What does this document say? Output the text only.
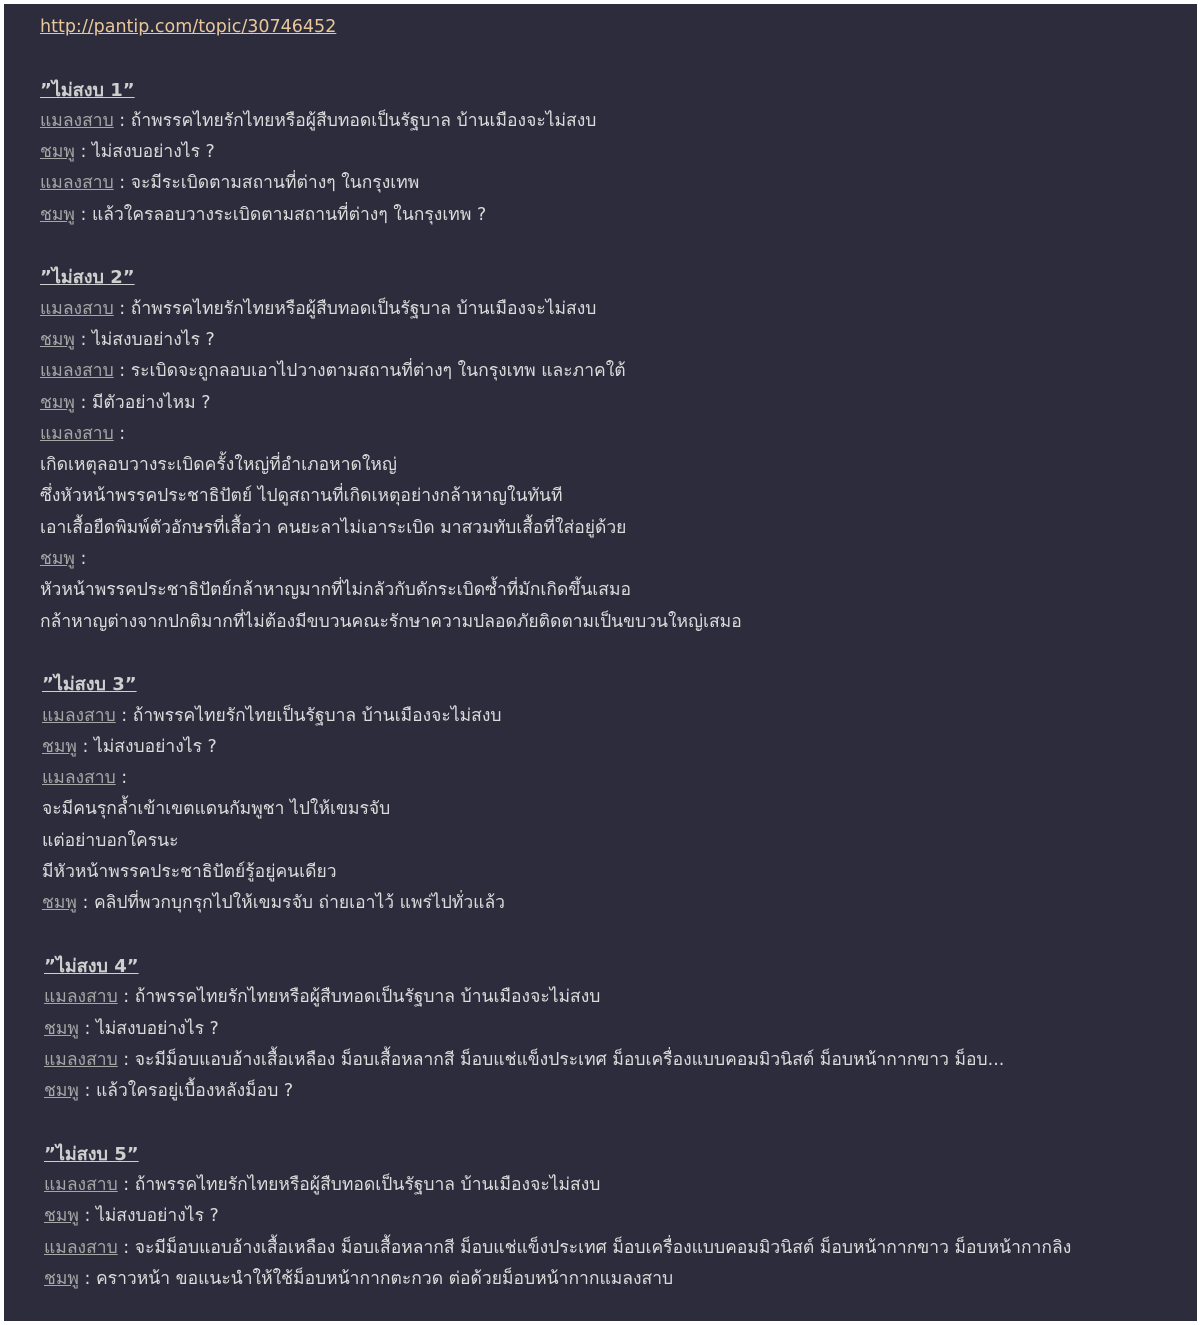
http://pantip.com/topic/30746452
”ไม่สงบ 1”
แมลงสาบ : ถ้าพรรคไทยรักไทยหรือผู้สืบทอดเป็นรัฐบาล บ้านเมืองจะไม่สงบ
ชมพู : ไม่สงบอย่างไร ?
แมลงสาบ : จะมีระเบิดตามสถานที่ต่างๆ ในกรุงเทพ
ชมพู : แล้วใครลอบวางระเบิดตามสถานที่ต่างๆ ในกรุงเทพ ?
”ไม่สงบ 2”
แมลงสาบ : ถ้าพรรคไทยรักไทยหรือผู้สืบทอดเป็นรัฐบาล บ้านเมืองจะไม่สงบ
ชมพู : ไม่สงบอย่างไร ?
แมลงสาบ : ระเบิดจะถูกลอบเอาไปวางตามสถานที่ต่างๆ ในกรุงเทพ และภาคใต้
ชมพู : มีตัวอย่างไหม ?
แมลงสาบ :
เกิดเหตุลอบวางระเบิดครั้งใหญ่ที่อำเภอหาดใหญ่
ซึ่งหัวหน้าพรรคประชาธิปัตย์ ไปดูสถานที่เกิดเหตุอย่างกล้าหาญในทันที
เอาเสื้อยืดพิมพ์ตัวอักษรที่เสื้อว่า คนยะลาไม่เอาระเบิด มาสวมทับเสื้อที่ใส่อยู่ด้วย
ชมพู :
หัวหน้าพรรคประชาธิปัตย์กล้าหาญมากที่ไม่กลัวกับดักระเบิดซ้ำที่มักเกิดขึ้นเสมอ
กล้าหาญต่างจากปกติมากที่ไม่ต้องมีขบวนคณะรักษาความปลอดภัยติดตามเป็นขบวนใหญ่เสมอ
”ไม่สงบ 3”
แมลงสาบ : ถ้าพรรคไทยรักไทยเป็นรัฐบาล บ้านเมืองจะไม่สงบ
ชมพู : ไม่สงบอย่างไร ?
แมลงสาบ :
จะมีคนรุกล้ำเข้าเขตแดนกัมพูชา ไปให้เขมรจับ
แต่อย่าบอกใครนะ
มีหัวหน้าพรรคประชาธิปัตย์รู้อยู่คนเดียว
ชมพู : คลิปที่พวกบุกรุกไปให้เขมรจับ ถ่ายเอาไว้ แพร่ไปทั่วแล้ว
”ไม่สงบ 4”
แมลงสาบ : ถ้าพรรคไทยรักไทยหรือผู้สืบทอดเป็นรัฐบาล บ้านเมืองจะไม่สงบ
ชมพู : ไม่สงบอย่างไร ?
แมลงสาบ : จะมีม็อบแอบอ้างเสื้อเหลือง ม็อบเสื้อหลากสี ม็อบแช่แข็งประเทศ ม็อบเครื่องแบบคอมมิวนิสต์ ม็อบหน้ากากขาว ม็อบ...
ชมพู : แล้วใครอยู่เบื้องหลังม็อบ ?
”ไม่สงบ 5”
แมลงสาบ : ถ้าพรรคไทยรักไทยหรือผู้สืบทอดเป็นรัฐบาล บ้านเมืองจะไม่สงบ
ชมพู : ไม่สงบอย่างไร ?
แมลงสาบ : จะมีม็อบแอบอ้างเสื้อเหลือง ม็อบเสื้อหลากสี ม็อบแช่แข็งประเทศ ม็อบเครื่องแบบคอมมิวนิสต์ ม็อบหน้ากากขาว ม็อบหน้ากากลิง
ชมพู : คราวหน้า ขอแนะนำให้ใช้ม็อบหน้ากากตะกวด ต่อด้วยม็อบหน้ากากแมลงสาบ
